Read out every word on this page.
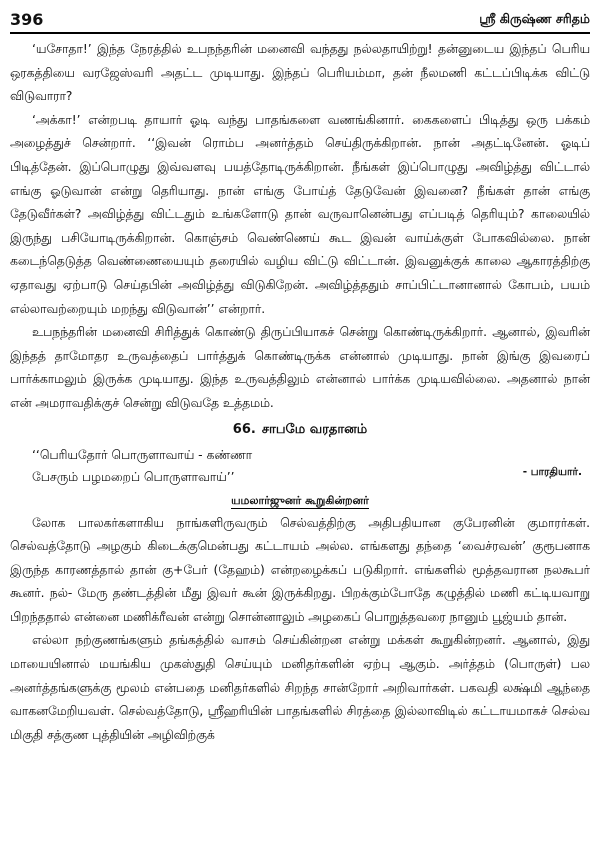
396	ஸ்ரீ கிருஷ்ண சரிதம்

‘யசோதா!’ இந்த நேரத்தில் உபநந்தரின் மனைவி வந்தது நல்லதாயிற்று! தன்னுடைய இந்தப் பெரிய ஒரகத்தியை வரஜேஸ்வரி அதட்ட முடியாது. இந்தப் பெரியம்மா, தன் நீலமணி கட்டப்பிடிக்க விட்டு விடுவாரா?

‘அக்கா!’ என்றபடி தாயார் ஓடி வந்து பாதங்களை வணங்கினார். கைகளைப் பிடித்து ஒரு பக்கம் அழைத்துச் சென்றார். ‘‘இவன் ரொம்ப அனர்த்தம் செய்திருக்கிறான். நான் அதட்டினேன். ஓடிப் பிடித்தேன். இப்பொழுது இவ்வளவு பயத்தோடிருக்கிறான். நீங்கள் இப்பொழுது அவிழ்த்து விட்டால் எங்கு ஓடுவான் என்று தெரியாது. நான் எங்கு போய்த் தேடுவேன் இவனை? நீங்கள் தான் எங்கு தேடுவீர்கள்? அவிழ்த்து விட்டதும் உங்களோடு தான் வருவானென்பது எப்படித் தெரியும்? காலையில் இருந்து பசியோடிருக்கிறான். கொஞ்சம் வெண்ணெய் கூட இவன் வாய்க்குள் போகவில்லை. நான் கடைந்தெடுத்த வெண்ணையையும் தரையில் வழிய விட்டு விட்டான். இவனுக்குக் காலை ஆகாரத்திற்கு ஏதாவது ஏற்பாடு செய்தபின் அவிழ்த்து விடுகிறேன். அவிழ்த்ததும் சாப்பிட்டானானால் கோபம், பயம் எல்லாவற்றையும் மறந்து விடுவான்’’ என்றார்.

உபநந்தரின் மனைவி சிரித்துக் கொண்டு திருப்பியாகச் சென்று கொண்டிருக்கிறார். ஆனால், இவரின் இந்தத் தாமோதர உருவத்தைப் பார்த்துக் கொண்டிருக்க என்னால் முடியாது. நான் இங்கு இவரைப் பார்க்காமலும் இருக்க முடியாது. இந்த உருவத்திலும் என்னால் பார்க்க முடியவில்லை. அதனால் நான் என் அமராவதிக்குச் சென்று விடுவதே உத்தமம்.

66. சாபமே வரதானம்
‘‘பெரியதோர் பொருளாவாய் - கண்ணா
பேசரும் பழமறைப் பொருளாவாய்’’	- பாரதியார்.
யமலார்ஜுனர் கூறுகின்றனர்

லோக பாலகர்களாகிய நாங்களிருவரும் செல்வத்திற்கு அதிபதியான குபேரனின் குமாரர்கள். செல்வத்தோடு அழகும் கிடைக்குமென்பது கட்டாயம் அல்ல. எங்களது தந்தை ‘வைச்ரவன்’ குரூபனாக இருந்த காரணத்தால் தான் கு+பேர் (தேஹம்) என்றழைக்கப் படுகிறார். எங்களில் மூத்தவரான நலகூபர் கூனர். நல்- மேரு தண்டத்தின் மீது இவர் கூன் இருக்கிறது. பிறக்கும்போதே கழுத்தில் மணி கட்டியவாறு பிறந்ததால் என்னை மணிக்ரீவன் என்று சொன்னாலும் அழகைப் பொறுத்தவரை நானும் பூஜ்யம் தான்.

எல்லா நற்குணங்களும் தங்கத்தில் வாசம் செய்கின்றன என்று மக்கள் கூறுகின்றனர். ஆனால், இது மாயையினால் மயங்கிய முகஸ்துதி செய்யும் மனிதர்களின் ஏற்பு ஆகும். அர்த்தம் (பொருள்) பல அனர்த்தங்களுக்கு மூலம் என்பதை மனிதர்களில் சிறந்த சான்றோர் அறிவார்கள். பகவதி லக்ஷ்மி ஆந்தை வாகனமேறியவள். செல்வத்தோடு, ஸ்ரீஹரியின் பாதங்களில் சிரத்தை இல்லாவிடில் கட்டாயமாகச் செல்வ மிகுதி சத்குண புத்தியின் அழிவிற்குக்
